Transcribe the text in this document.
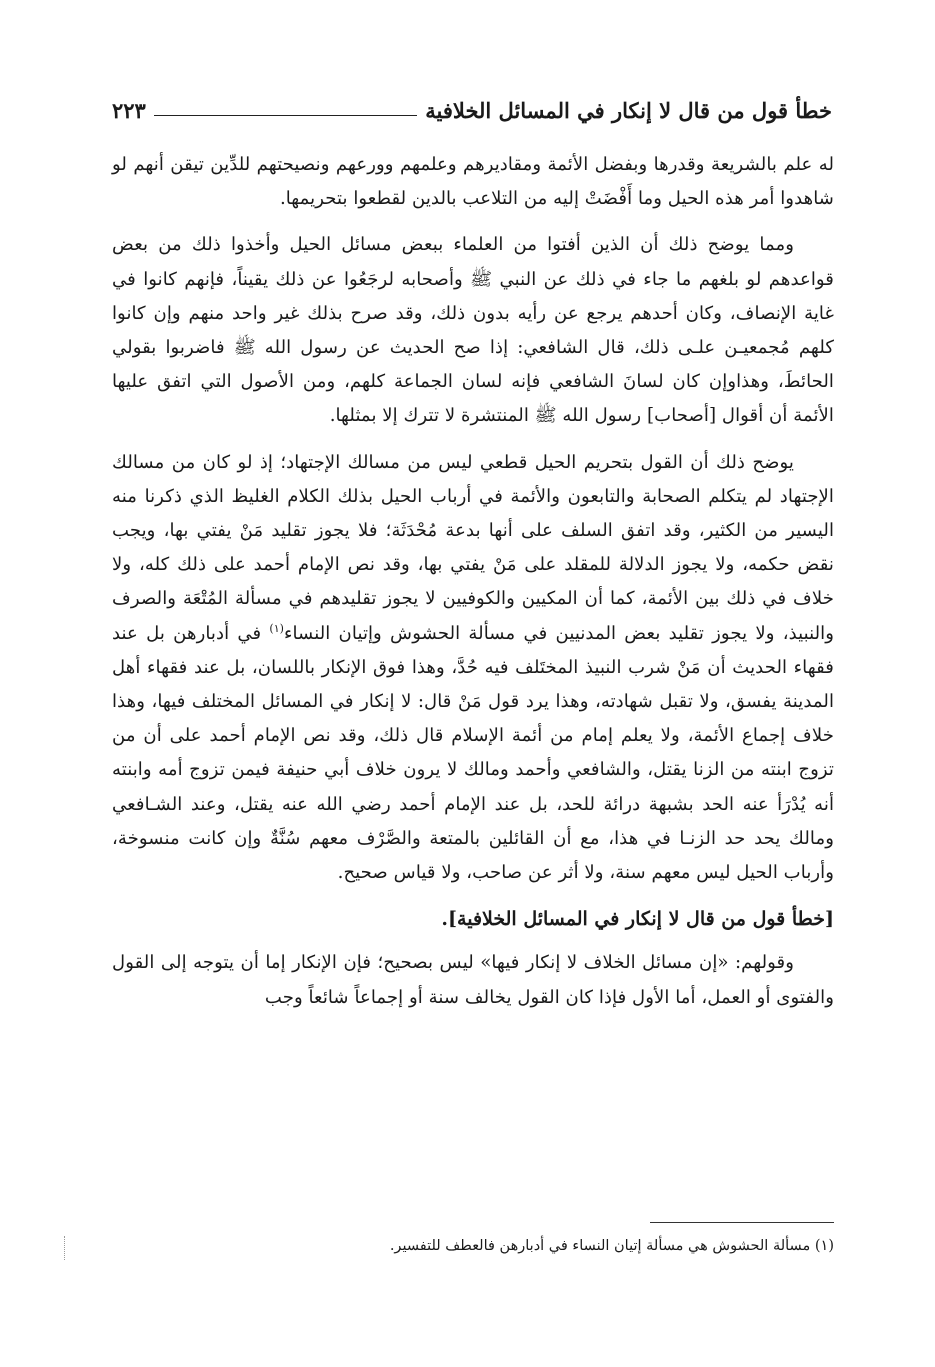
خطأ قول من قال لا إنكار في المسائل الخلافية
٢٢٣

له علم بالشريعة وقدرها وبفضل الأئمة ومقاديرهم وعلمهم وورعهم ونصيحتهم للدِّين تيقن أنهم لو شاهدوا أمر هذه الحيل وما أَفْضَتْ إليه من التلاعب بالدين لقطعوا بتحريمها.

ومما يوضح ذلك أن الذين أفتوا من العلماء ببعض مسائل الحيل وأخذوا ذلك من بعض قواعدهم لو بلغهم ما جاء في ذلك عن النبي ﷺ وأصحابه لرجَعُوا عن ذلك يقيناً، فإنهم كانوا في غاية الإنصاف، وكان أحدهم يرجع عن رأيه بدون ذلك، وقد صرح بذلك غير واحد منهم وإن كانوا كلهم مُجمعيـن علـى ذلك، قال الشافعي: إذا صح الحديث عن رسول الله ﷺ فاضربوا بقولي الحائطَ، وهذاوإن كان لسانَ الشافعي فإنه لسان الجماعة كلهم، ومن الأصول التي اتفق عليها الأئمة أن أقوال [أصحاب] رسول الله ﷺ المنتشرة لا تترك إلا بمثلها.

يوضح ذلك أن القول بتحريم الحيل قطعي ليس من مسالك الإجتهاد؛ إذ لو كان من مسالك الإجتهاد لم يتكلم الصحابة والتابعون والأئمة في أرباب الحيل بذلك الكلام الغليظ الذي ذكرنا منه اليسير من الكثير، وقد اتفق السلف على أنها بدعة مُحْدَثَة؛ فلا يجوز تقليد مَنْ يفتي بها، ويجب نقض حكمه، ولا يجوز الدلالة للمقلد على مَنْ يفتي بها، وقد نص الإمام أحمد على ذلك كله، ولا خلاف في ذلك بين الأئمة، كما أن المكيين والكوفيين لا يجوز تقليدهم في مسألة المُتْعَة والصرف والنبيذ، ولا يجوز تقليد بعض المدنيين في مسألة الحشوش وإتيان النساء$^{(١)}$ في أدبارهن بل عند فقهاء الحديث أن مَنْ شرب النبيذ المختَلف فيه حُدَّ، وهذا فوق الإنكار باللسان، بل عند فقهاء أهل المدينة يفسق، ولا تقبل شهادته، وهذا يرد قول مَنْ قال: لا إنكار في المسائل المختلف فيها، وهذا خلاف إجماع الأئمة، ولا يعلم إمام من أئمة الإسلام قال ذلك، وقد نص الإمام أحمد على أن من تزوج ابنته من الزنا يقتل، والشافعي وأحمد ومالك لا يرون خلاف أبي حنيفة فيمن تزوج أمه وابنته أنه يُدْرَأ عنه الحد بشبهة درائة للحد، بل عند الإمام أحمد رضي الله عنه يقتل، وعند الشـافعي ومالك يحد حد الزنـا في هذا، مع أن القائلين بالمتعة والصَّرْف معهم سُنَّةٌ وإن كانت منسوخة، وأرباب الحيل ليس معهم سنة، ولا أثر عن صاحب، ولا قياس صحيح.

[خطأ قول من قال لا إنكار في المسائل الخلافية].

وقولهم: «إن مسائل الخلاف لا إنكار فيها» ليس بصحيح؛ فإن الإنكار إما أن يتوجه إلى القول والفتوى أو العمل، أما الأول فإذا كان القول يخالف سنة أو إجماعاً شائعاً وجب

(١) مسألة الحشوش هي مسألة إتيان النساء في أدبارهن فالعطف للتفسير.
